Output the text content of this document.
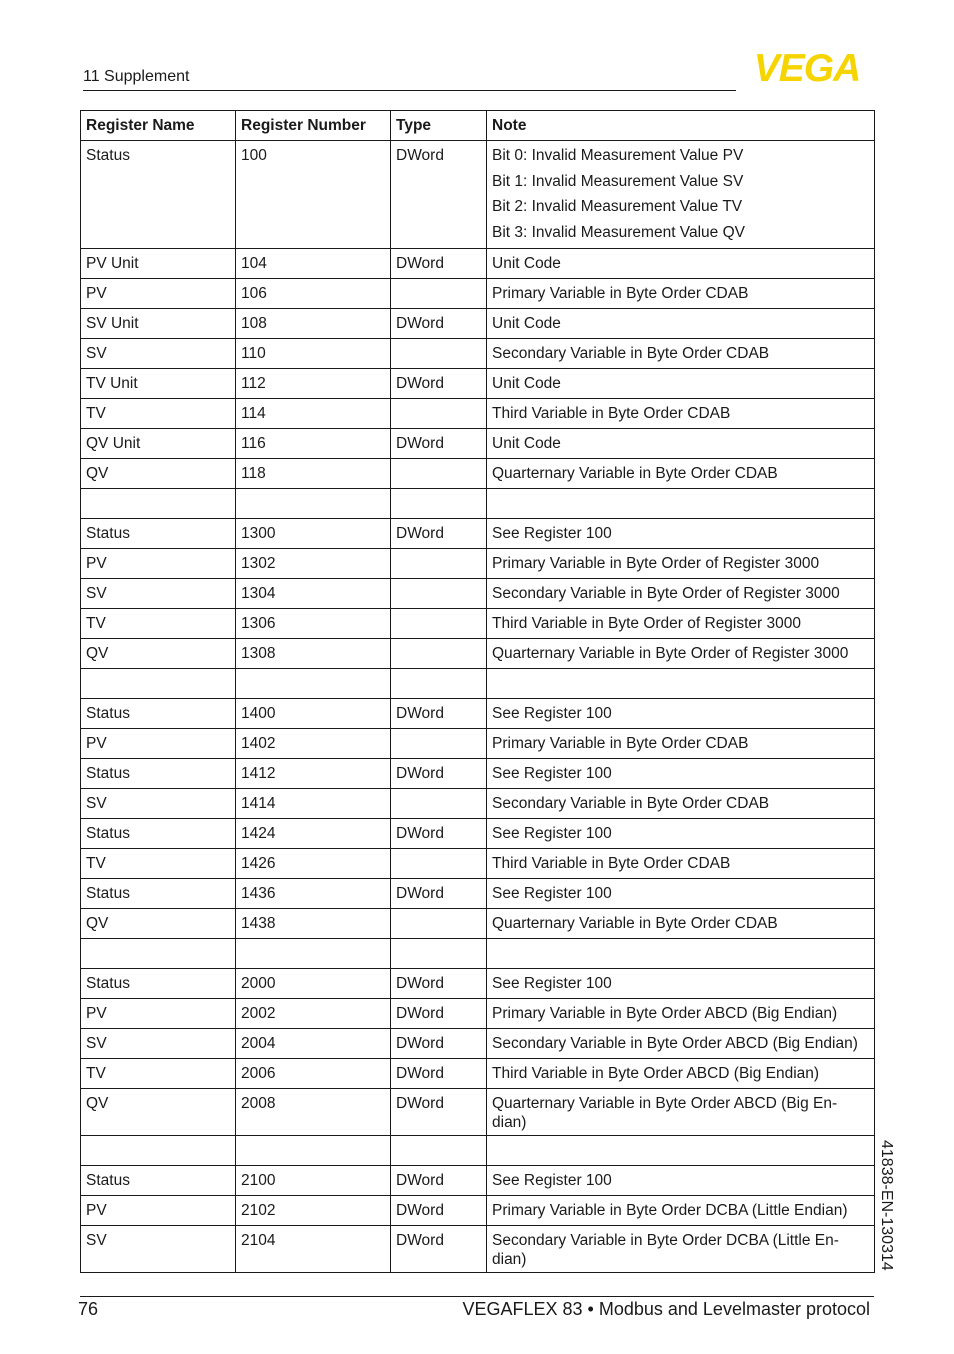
11 Supplement	VEGA
Register Name	Register Number	Type	Note
Status	100	DWord	Bit 0: Invalid Measurement Value PV
Bit 1: Invalid Measurement Value SV
Bit 2: Invalid Measurement Value TV
Bit 3: Invalid Measurement Value QV

PV Unit	104	DWord	Unit Code
PV	106		Primary Variable in Byte Order CDAB
SV Unit	108	DWord	Unit Code
SV	110		Secondary Variable in Byte Order CDAB
TV Unit	112	DWord	Unit Code
TV	114		Third Variable in Byte Order CDAB
QV Unit	116	DWord	Unit Code
QV	118		Quarternary Variable in Byte Order CDAB

Status	1300	DWord	See Register 100
PV	1302		Primary Variable in Byte Order of Register 3000
SV	1304		Secondary Variable in Byte Order of Register 3000
TV	1306		Third Variable in Byte Order of Register 3000
QV	1308		Quarternary Variable in Byte Order of Register 3000

Status	1400	DWord	See Register 100
PV	1402		Primary Variable in Byte Order CDAB
Status	1412	DWord	See Register 100
SV	1414		Secondary Variable in Byte Order CDAB
Status	1424	DWord	See Register 100
TV	1426		Third Variable in Byte Order CDAB
Status	1436	DWord	See Register 100
QV	1438		Quarternary Variable in Byte Order CDAB

Status	2000	DWord	See Register 100
PV	2002	DWord	Primary Variable in Byte Order ABCD (Big Endian)
SV	2004	DWord	Secondary Variable in Byte Order ABCD (Big Endian)
TV	2006	DWord	Third Variable in Byte Order ABCD (Big Endian)
QV	2008	DWord	Quarternary Variable in Byte Order ABCD (Big En-dian)

Status	2100	DWord	See Register 100
PV	2102	DWord	Primary Variable in Byte Order DCBA (Little Endian)
SV	2104	DWord	Secondary Variable in Byte Order DCBA (Little En-dian)
76	VEGAFLEX 83 • Modbus and Levelmaster protocol
41838-EN-130314
